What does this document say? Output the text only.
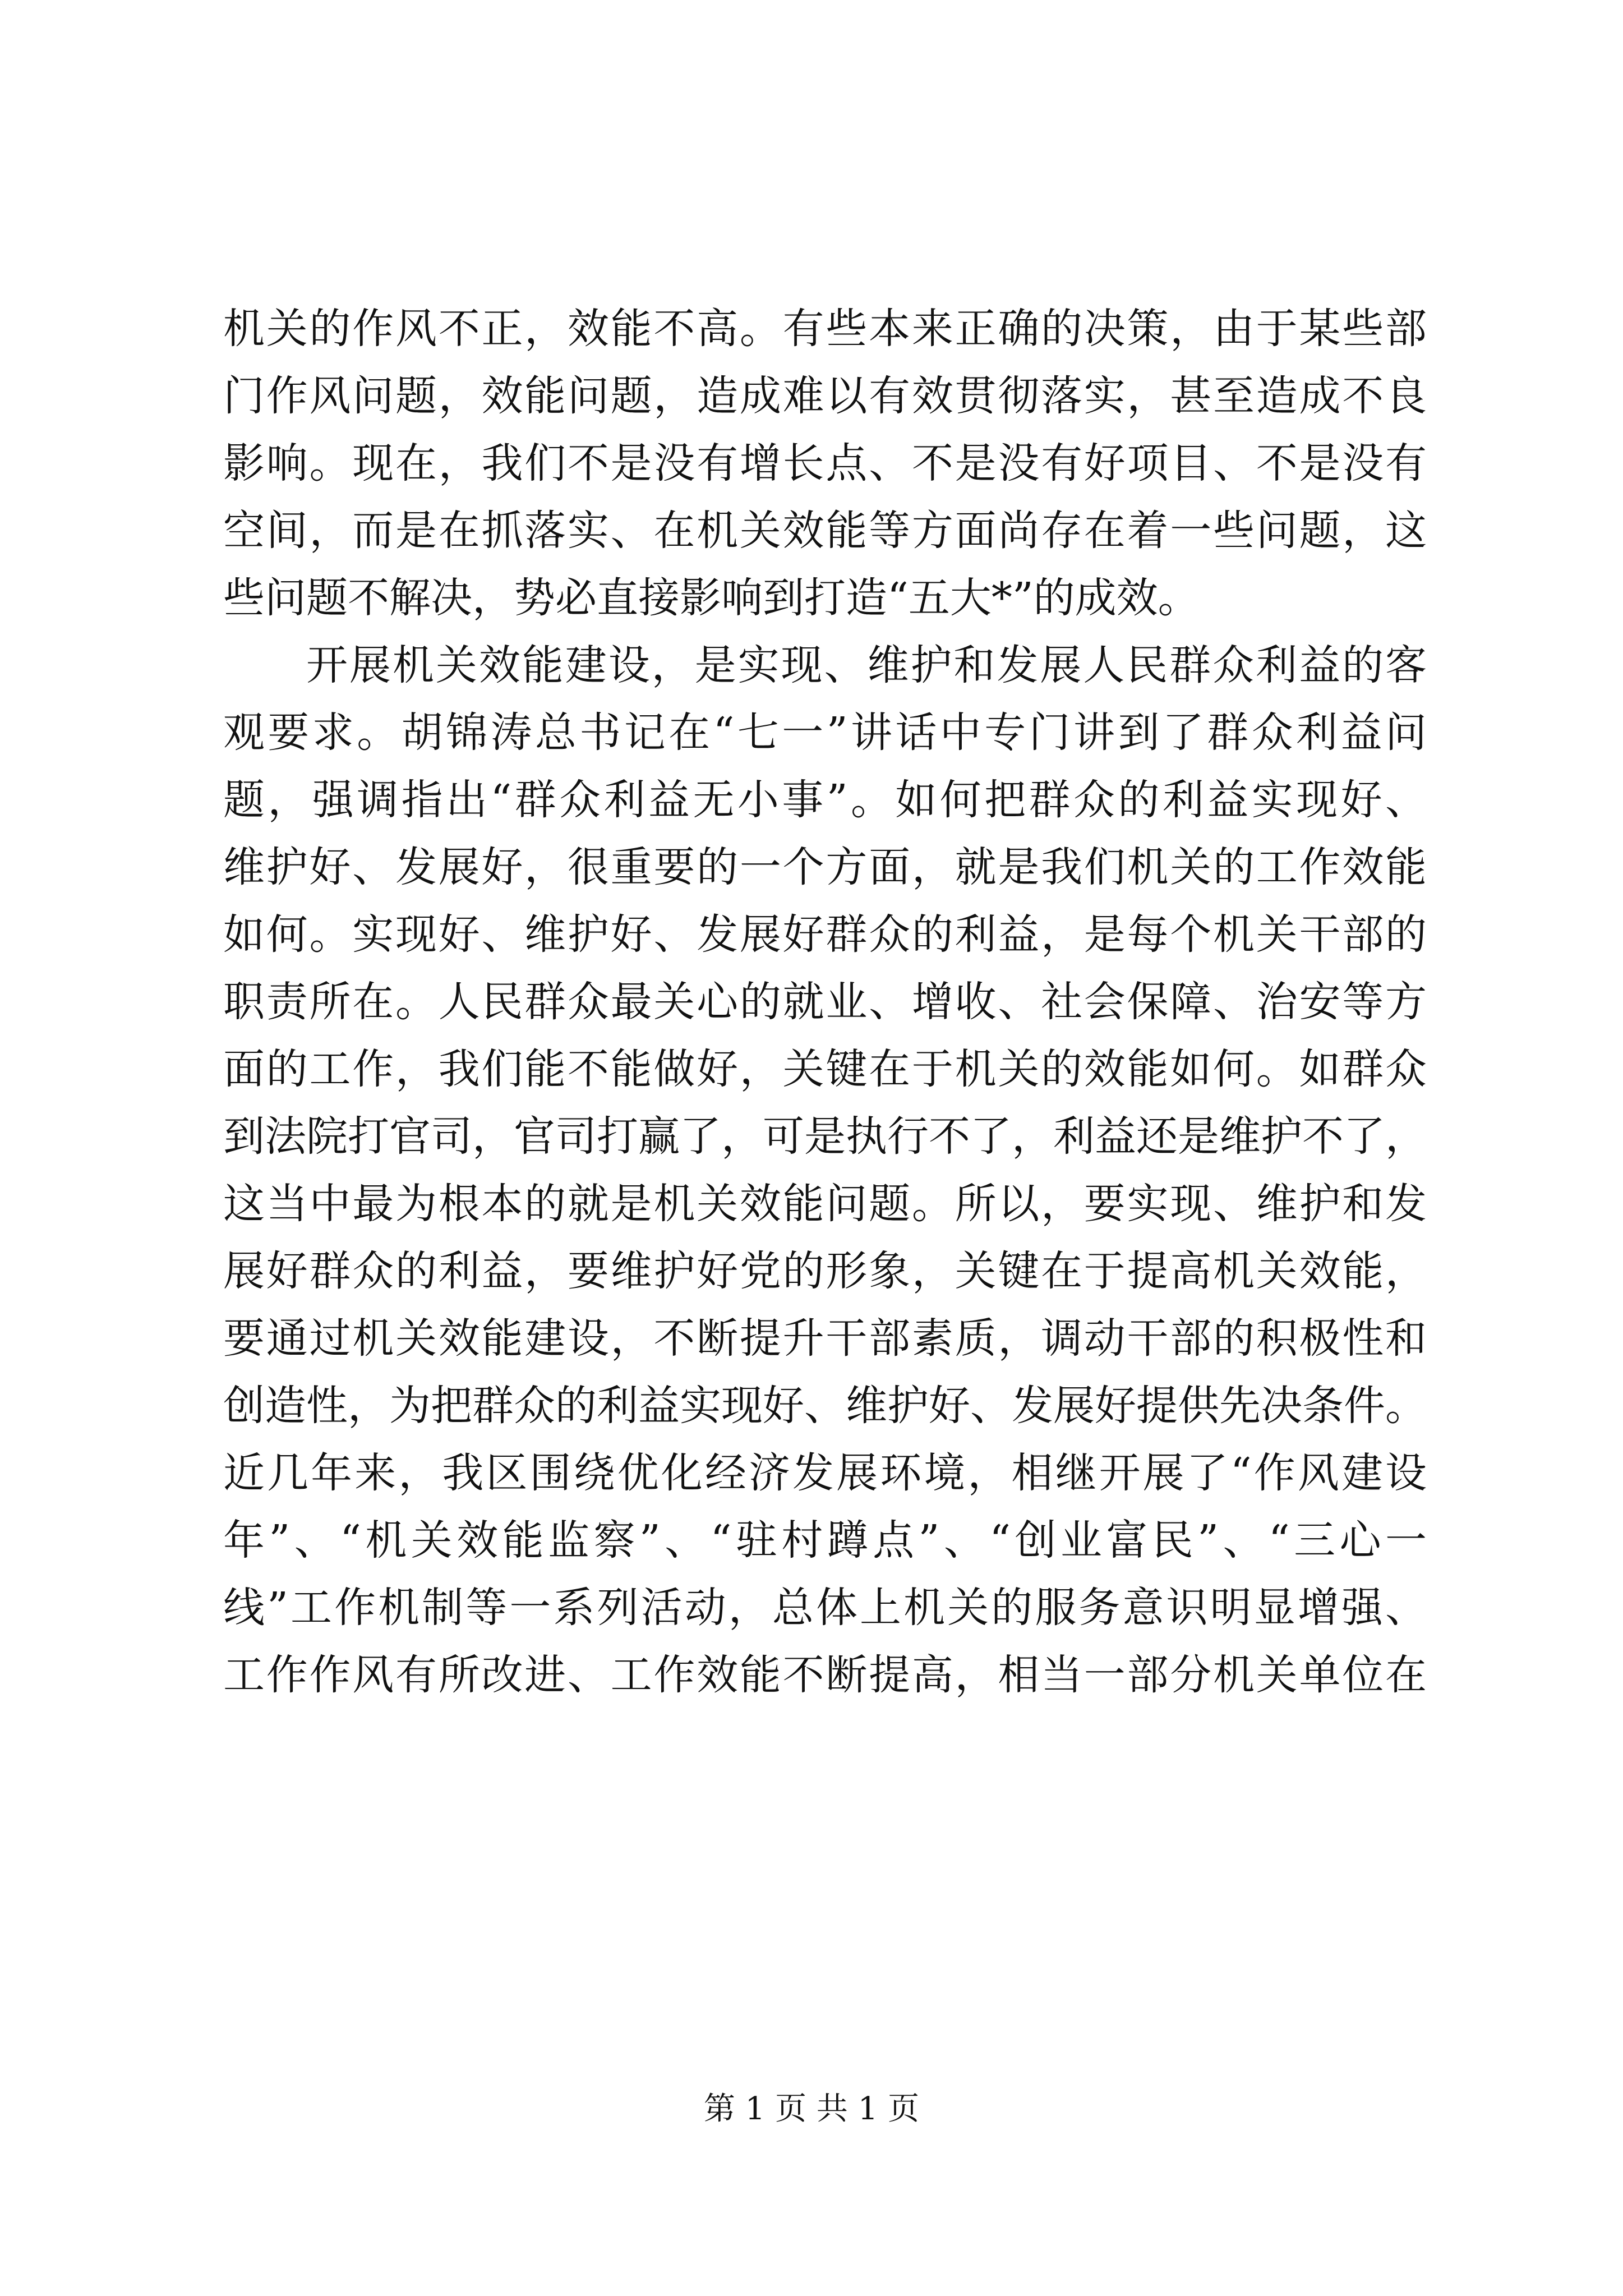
机关的作风不正，效能不高。有些本来正确的决策，由于某些部
门作风问题，效能问题，造成难以有效贯彻落实，甚至造成不良
影响。现在，我们不是没有增长点、不是没有好项目、不是没有
空间，而是在抓落实、在机关效能等方面尚存在着一些问题，这
些问题不解决，势必直接影响到打造“五大*”的成效。
开展机关效能建设，是实现、维护和发展人民群众利益的客
观要求。胡锦涛总书记在“七一”讲话中专门讲到了群众利益问
题，强调指出“群众利益无小事”。如何把群众的利益实现好、
维护好、发展好，很重要的一个方面，就是我们机关的工作效能
如何。实现好、维护好、发展好群众的利益，是每个机关干部的
职责所在。人民群众最关心的就业、增收、社会保障、治安等方
面的工作，我们能不能做好，关键在于机关的效能如何。如群众
到法院打官司，官司打赢了，可是执行不了，利益还是维护不了，
这当中最为根本的就是机关效能问题。所以，要实现、维护和发
展好群众的利益，要维护好党的形象，关键在于提高机关效能，
要通过机关效能建设，不断提升干部素质，调动干部的积极性和
创造性，为把群众的利益实现好、维护好、发展好提供先决条件。
近几年来，我区围绕优化经济发展环境，相继开展了“作风建设
年”、“机关效能监察”、“驻村蹲点”、“创业富民”、“三心一
线”工作机制等一系列活动，总体上机关的服务意识明显增强、
工作作风有所改进、工作效能不断提高，相当一部分机关单位在
第 1 页 共 1 页
